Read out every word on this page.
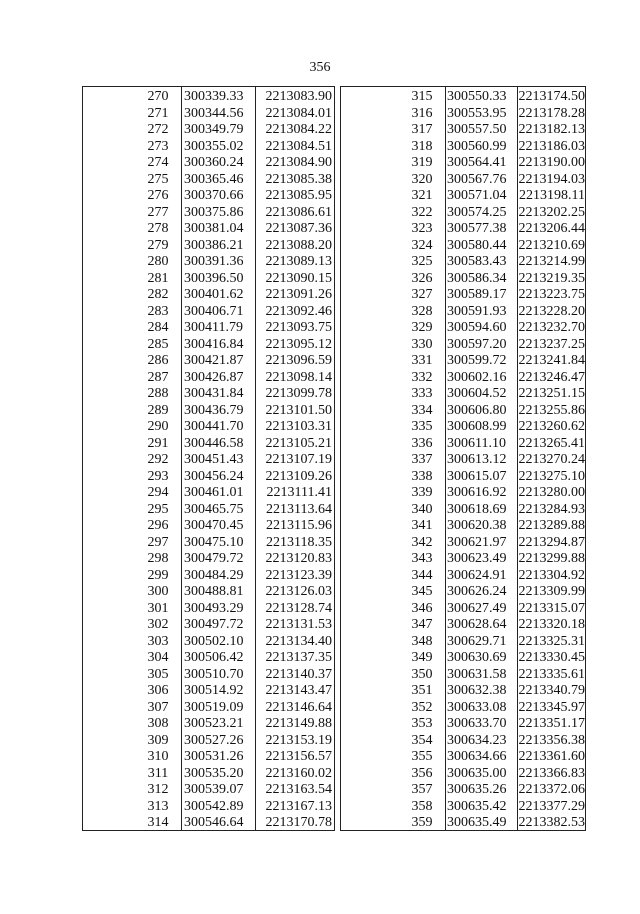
356
270	300339.33	2213083.90
271	300344.56	2213084.01
272	300349.79	2213084.22
273	300355.02	2213084.51
274	300360.24	2213084.90
275	300365.46	2213085.38
276	300370.66	2213085.95
277	300375.86	2213086.61
278	300381.04	2213087.36
279	300386.21	2213088.20
280	300391.36	2213089.13
281	300396.50	2213090.15
282	300401.62	2213091.26
283	300406.71	2213092.46
284	300411.79	2213093.75
285	300416.84	2213095.12
286	300421.87	2213096.59
287	300426.87	2213098.14
288	300431.84	2213099.78
289	300436.79	2213101.50
290	300441.70	2213103.31
291	300446.58	2213105.21
292	300451.43	2213107.19
293	300456.24	2213109.26
294	300461.01	2213111.41
295	300465.75	2213113.64
296	300470.45	2213115.96
297	300475.10	2213118.35
298	300479.72	2213120.83
299	300484.29	2213123.39
300	300488.81	2213126.03
301	300493.29	2213128.74
302	300497.72	2213131.53
303	300502.10	2213134.40
304	300506.42	2213137.35
305	300510.70	2213140.37
306	300514.92	2213143.47
307	300519.09	2213146.64
308	300523.21	2213149.88
309	300527.26	2213153.19
310	300531.26	2213156.57
311	300535.20	2213160.02
312	300539.07	2213163.54
313	300542.89	2213167.13
314	300546.64	2213170.78
315	300550.33 2213174.50
316	300553.95 2213178.28
317	300557.50 2213182.13
318	300560.99 2213186.03
319	300564.41 2213190.00
320	300567.76 2213194.03
321	300571.04 2213198.11
322	300574.25 2213202.25
323	300577.38 2213206.44
324	300580.44 2213210.69
325	300583.43 2213214.99
326	300586.34 2213219.35
327	300589.17 2213223.75
328	300591.93 2213228.20
329	300594.60 2213232.70
330	300597.20 2213237.25
331	300599.72 2213241.84
332	300602.16 2213246.47
333	300604.52 2213251.15
334	300606.80 2213255.86
335	300608.99 2213260.62
336	300611.10 2213265.41
337	300613.12 2213270.24
338	300615.07 2213275.10
339	300616.92 2213280.00
340	300618.69 2213284.93
341	300620.38 2213289.88
342	300621.97 2213294.87
343	300623.49 2213299.88
344	300624.91 2213304.92
345	300626.24 2213309.99
346	300627.49 2213315.07
347	300628.64 2213320.18
348	300629.71 2213325.31
349	300630.69 2213330.45
350	300631.58 2213335.61
351	300632.38 2213340.79
352	300633.08 2213345.97
353	300633.70 2213351.17
354	300634.23 2213356.38
355	300634.66 2213361.60
356	300635.00 2213366.83
357	300635.26 2213372.06
358	300635.42 2213377.29
359	300635.49 2213382.53
